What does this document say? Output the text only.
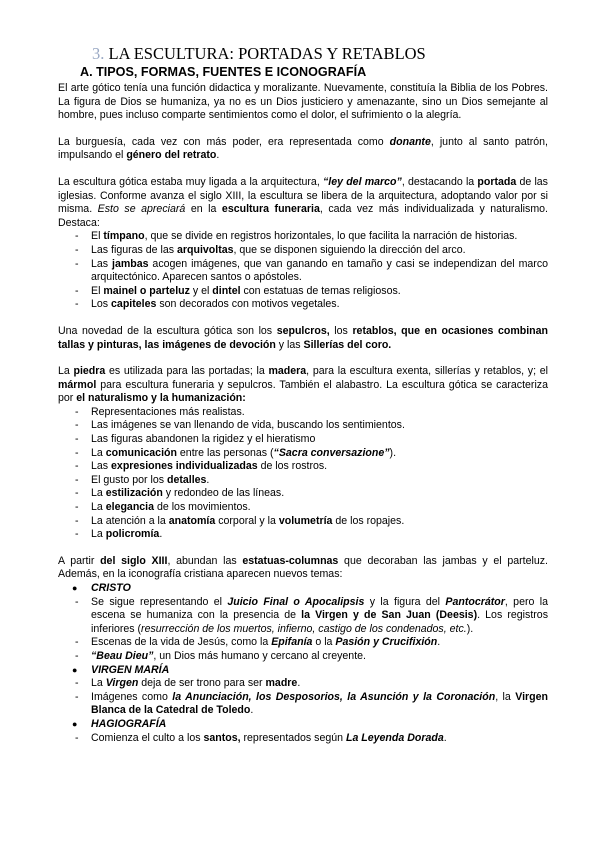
3. LA ESCULTURA: PORTADAS Y RETABLOS
A. TIPOS, FORMAS, FUENTES E ICONOGRAFÍA

El arte gótico tenía una función didactica y moralizante. Nuevamente, constituía la Biblia de los Pobres. La figura de Dios se humaniza, ya no es un Dios justiciero y amenazante, sino un Dios semejante al hombre, pues incluso comparte sentimientos como el dolor, el sufrimiento o la alegría.

La burguesía, cada vez con más poder, era representada como donante, junto al santo patrón, impulsando el género del retrato.

La escultura gótica estaba muy ligada a la arquitectura, “ley del marco”, destacando la portada de las iglesias. Conforme avanza el siglo XIII, la escultura se libera de la arquitectura, adoptando valor por si misma. Esto se apreciará en la escultura funeraria, cada vez más individualizada y naturalismo. Destaca:

- El tímpano, que se divide en registros horizontales, lo que facilita la narración de historias.
- Las figuras de las arquivoltas, que se disponen siguiendo la dirección del arco.
- Las jambas acogen imágenes, que van ganando en tamaño y casi se independizan del marco arquitectónico. Aparecen santos o apóstoles.
- El mainel o parteluz y el dintel con estatuas de temas religiosos.
- Los capiteles son decorados con motivos vegetales.

Una novedad de la escultura gótica son los sepulcros, los retablos, que en ocasiones combinan tallas y pinturas, las imágenes de devoción y las Sillerías del coro.

La piedra es utilizada para las portadas; la madera, para la escultura exenta, sillerías y retablos, y; el mármol para escultura funeraria y sepulcros. También el alabastro. La escultura gótica se caracteriza por el naturalismo y la humanización:

- Representaciones más realistas.
- Las imágenes se van llenando de vida, buscando los sentimientos.
- Las figuras abandonen la rigidez y el hieratismo
- La comunicación entre las personas (“Sacra conversazione”).
- Las expresiones individualizadas de los rostros.
- El gusto por los detalles.
- La estilización y redondeo de las líneas.
- La elegancia de los movimientos.
- La atención a la anatomía corporal y la volumetría de los ropajes.
- La policromía.

A partir del siglo XIII, abundan las estatuas-columnas que decoraban las jambas y el parteluz. Además, en la iconografía cristiana aparecen nuevos temas:

● CRISTO
- Se sigue representando el Juicio Final o Apocalipsis y la figura del Pantocrátor, pero la escena se humaniza con la presencia de la Virgen y de San Juan (Deesis). Los registros inferiores (resurrección de los muertos, infierno, castigo de los condenados, etc.).
- Escenas de la vida de Jesús, como la Epifanía o la Pasión y Crucifixión.
- “Beau Dieu”, un Dios más humano y cercano al creyente.
● VIRGEN MARÍA
- La Virgen deja de ser trono para ser madre.
- Imágenes como la Anunciación, los Desposorios, la Asunción y la Coronación, la Virgen Blanca de la Catedral de Toledo.
● HAGIOGRAFÍA
- Comienza el culto a los santos, representados según La Leyenda Dorada.
